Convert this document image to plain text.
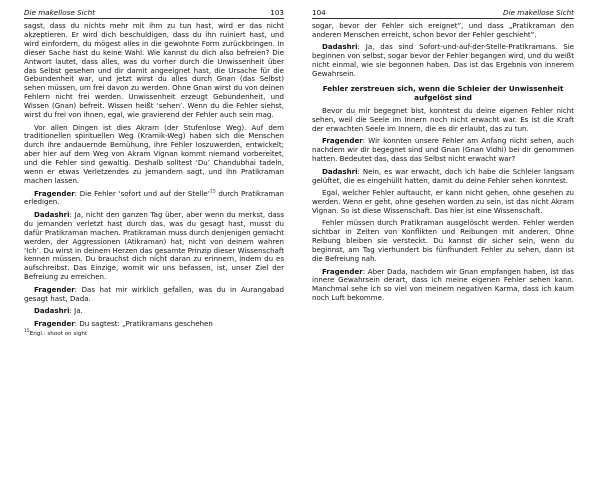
Die makellose Sicht	103

sagst, dass du nichts mehr mit ihm zu tun hast, wird er das nicht akzeptieren. Er wird dich beschuldigen, dass du ihn ruiniert hast, und wird einfordern, du mögest alles in die gewohnte Form zurückbringen. In dieser Sache hast du keine Wahl. Wie kannst du dich also befreien? Die Antwort lautet, dass alles, was du vorher durch die Unwissenheit über das Selbst gesehen und dir damit angeeignet hast, die Ursache für die Gebundenheit war, und jetzt wirst du alles durch Gnan (das Selbst) sehen müssen, um frei davon zu werden. Ohne Gnan wirst du von deinen Fehlern nicht frei werden. Unwissenheit erzeugt Gebundenheit, und Wissen (Gnan) befreit. Wissen heißt ‘sehen’. Wenn du die Fehler siehst, wirst du frei von ihnen, egal, wie gravierend der Fehler auch sein mag.

Vor allen Dingen ist dies Akram (der Stufenlose Weg). Auf dem traditionellen spirituellen Weg (Kramik-Weg) haben sich die Menschen durch ihre andauernde Bemühung, ihre Fehler loszuwerden, entwickelt; aber hier auf dem Weg von Akram Vignan kommt niemand vorbereitet, und die Fehler sind gewaltig. Deshalb solltest ‘Du’ Chandubhai tadeln, wenn er etwas Verletzendes zu jemandem sagt, und ihn Pratikraman machen lassen.

Fragender: Die Fehler ‘sofort und auf der Stelle’$^{15}$ durch Pratikraman erledigen.

Dadashri: Ja, nicht den ganzen Tag über, aber wenn du merkst, dass du jemanden verletzt hast durch das, was du gesagt hast, musst du dafür Pratikraman machen. Pratikraman muss durch denjenigen gemacht werden, der Aggressionen (Atikraman) hat, nicht von deinem wahren ‘Ich’. Du wirst in deinem Herzen das gesamte Prinzip dieser Wissenschaft kennen müssen. Du brauchst dich nicht daran zu erinnern, indem du es aufschreibst. Das Einzige, womit wir uns befassen, ist, unser Ziel der Befreiung zu erreichen.

Fragender: Das hat mir wirklich gefallen, was du in Aurangabad gesagt hast, Dada.

Dadashri: Ja.

Fragender: Du sagtest: „Pratikramans geschehen

$^{15}$Engl.: shoot on sight
104	Die makellose Sicht

sogar, bevor der Fehler sich ereignet”, und dass „Pratikraman den anderen Menschen erreicht, schon bevor der Fehler geschieht”.

Dadashri: Ja, das sind Sofort-und-auf-der-Stelle-Pratikramans. Sie beginnen von selbst, sogar bevor der Fehler begangen wird, und du weißt nicht einmal, wie sie begonnen haben. Das ist das Ergebnis von innerem Gewahrsein.

Fehler zerstreuen sich, wenn die Schleier der Unwissenheit aufgelöst sind

Bevor du mir begegnet bist, konntest du deine eigenen Fehler nicht sehen, weil die Seele im Innern noch nicht erwacht war. Es ist die Kraft der erwachten Seele im Innern, die es dir erlaubt, das zu tun.

Fragender: Wir konnten unsere Fehler am Anfang nicht sehen, auch nachdem wir dir begegnet sind und Gnan (Gnan Vidhi) bei dir genommen hatten. Bedeutet das, dass das Selbst nicht erwacht war?

Dadashri: Nein, es war erwacht, doch ich habe die Schleier langsam gelüftet, die es eingehüllt hatten, damit du deine Fehler sehen konntest.

Egal, welcher Fehler auftaucht, er kann nicht gehen, ohne gesehen zu werden. Wenn er geht, ohne gesehen worden zu sein, ist das nicht Akram Vignan. So ist diese Wissenschaft. Das hier ist eine Wissenschaft.

Fehler müssen durch Pratikraman ausgelöscht werden. Fehler werden sichtbar in Zeiten von Konflikten und Reibungen mit anderen. Ohne Reibung bleiben sie versteckt. Du kannst dir sicher sein, wenn du beginnst, am Tag vierhundert bis fünfhundert Fehler zu sehen, dann ist die Befreiung nah.

Fragender: Aber Dada, nachdem wir Gnan empfangen haben, ist das innere Gewahrsein derart, dass ich meine eigenen Fehler sehen kann. Manchmal sehe ich so viel von meinem negativen Karma, dass ich kaum noch Luft bekomme.
